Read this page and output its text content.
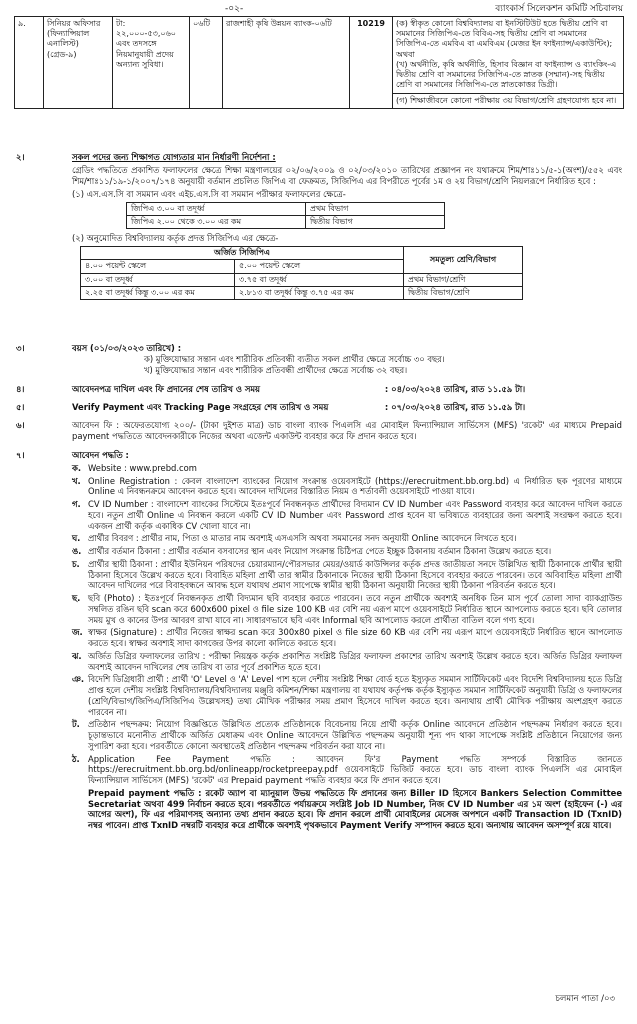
-০২-	ব্যাংকার্স সিলেকশন কমিটি সচিবালয়
৯.	সিনিয়র অফিসার (ফিন্যান্সিয়াল এনালিস্ট) (গ্রেড-৯)	টা: ২২,০০০-৫৩,০৬০ এবং তদসঙ্গে নিয়মানুযায়ী প্রদেয় অন্যান্য সুবিধা।	০৬টি	রাজশাহী কৃষি উন্নয়ন ব্যাংক-০৬টি	10219	(ক) স্বীকৃত কোনো বিশ্ববিদ্যালয় বা ইনস্টিটিউট হতে দ্বিতীয় শ্রেণি বা সমমানের সিজিপিএ-তে বিবিএ-সহ দ্বিতীয় শ্রেণি বা সমমানের সিজিপিএ-তে এমবিএ বা এমবিএম (মেজর ইন ফাইন্যান্স/একাউন্টিং); অথবা
(খ) অর্থনীতি, কৃষি অর্থনীতি, হিসাব বিজ্ঞান বা ফাইন্যান্স ও ব্যাংকিং-এ দ্বিতীয় শ্রেণি বা সমমানের সিজিপিএ-তে স্নাতক (সম্মান)-সহ দ্বিতীয় শ্রেণি বা সমমানের সিজিপিএ-তে স্নাতকোত্তর ডিগ্রী।
(গ) শিক্ষাজীবনে কোনো পরীক্ষায় ৩য় বিভাগ/শ্রেণি গ্রহণযোগ্য হবে না।
২।	সকল পদের জন্য শিক্ষাগত যোগ্যতার মান নির্ধারণী নির্দেশনা :
গ্রেডিং পদ্ধতিতে প্রকাশিত ফলাফলের ক্ষেত্রে শিক্ষা মন্ত্রণালয়ের ০২/০৬/২০০৯ ও ০২/০৩/২০১০ তারিখের প্রজ্ঞাপন নং যথাক্রমে শিম/শাঃ১১/৫-১(অংশ)/৫৫২ এবং শিম/শাঃ১১/১৯-১/২০০৭/১৭৪ অনুযায়ী বর্তমান প্রচলিত জিপিএ বা ফেক্রমত, সিজিপিএ এর বিপরীতে পূর্বের ১ম ও ২য় বিভাগ/শ্রেণি নিয়লরূপে নির্ধারিত হবে :
(১) এস.এস.সি বা সমমান এবং এইচ.এস.সি বা সমমান পরীক্ষার ফলাফলের ক্ষেত্রে-
জিপিএ ৩.০০ বা তদূর্ধ্ব	প্রথম বিভাগ
জিপিএ ২.০০ থেকে ৩.০০ এর কম	দ্বিতীয় বিভাগ
(২) অনুমোদিত বিশ্ববিদ্যালয় কর্তৃক প্রদত্ত সিজিপিএ এর ক্ষেত্রে-
অর্জিত সিজিপিএ		সমতুল্য শ্রেণি/বিভাগ
৪.০০ পয়েন্ট স্কেলে	৫.০০ পয়েন্ট স্কেলে	
৩.০০ বা তদূর্ধ্ব	৩.৭৫ বা তদূর্ধ্ব	প্রথম বিভাগ/শ্রেণি
২.২৫ বা তদূর্ধ্ব কিন্তু ৩.০০ এর কম	২.৮১৩ বা তদূর্ধ্ব কিন্তু ৩.৭৫ এর কম	দ্বিতীয় বিভাগ/শ্রেণি
৩।	বয়স (০১/০৩/২০২৩ তারিখে) :
ক) মুক্তিযোদ্ধার সন্তান এবং শারীরিক প্রতিবন্ধী ব্যতীত সকল প্রার্থীর ক্ষেত্রে সর্বোচ্চ ৩০ বছর।
খ) মুক্তিযোদ্ধার সন্তান এবং শারীরিক প্রতিবন্ধী প্রার্থীদের ক্ষেত্রে সর্বোচ্চ ৩২ বছর।
৪।	আবেদনপত্র দাখিল এবং ফি প্রদানের শেষ তারিখ ও সময়	: ০৪/০৩/২০২৪ তারিখ, রাত ১১.৫৯ টা।
৫।	Verify Payment এবং Tracking Page সংগ্রহের শেষ তারিখ ও সময়	: ০৭/০৩/২০২৪ তারিখ, রাত ১১.৫৯ টা।
৬।	আবেদন ফি : অফেরতযোগ্য ২০০/- (টাকা দুইশত মাত্র) ডাচ বাংলা ব্যাংক পিএলসি এর মোবাইল ফিন্যান্সিয়াল সার্ভিসেস (MFS) 'রকেট' এর মাধ্যমে Prepaid payment পদ্ধতিতে আবেদনকারীকে নিজের অথবা এজেন্ট একাউন্ট ব্যবহার করে ফি প্রদান করতে হবে।
৭।	আবেদন পদ্ধতি :
ক. Website : www.prebd.com
খ. Online Registration : কেবল বাংলাদেশ ব্যাংকের নিয়োগ সংক্রান্ত ওয়েবসাইটে (https://erecruitment.bb.org.bd) এ নির্ধারিত ছক পূরণের মাধ্যমে Online এ নিবন্ধনক্রমে আবেদন করতে হবে। আবেদন দাখিলের বিস্তারিত নিয়ম ও শর্তাবলী ওয়েবসাইটে পাওয়া যাবে।
গ. CV ID Number : বাংলাদেশ ব্যাংকের সিস্টেমে ইতঃপূর্বে নিবন্ধনকৃত প্রার্থীদের বিদ্যমান CV ID Number এবং Password ব্যবহার করে আবেদন দাখিল করতে হবে। নতুন প্রার্থী Online এ নিবন্ধন করলে একটি CV ID Number এবং Password প্রাপ্ত হবেন যা ভবিষ্যতে ব্যবহারের জন্য অবশ্যই সংরক্ষণ করতে হবে। একজন প্রার্থী কর্তৃক একাধিক CV খোলা যাবে না।
ঘ. প্রার্থীর বিবরণ : প্রার্থীর নাম, পিতা ও মাতার নাম অবশ্যই এসএসসি অথবা সমমানের সনদ অনুযায়ী Online আবেদনে লিখতে হবে।
ঙ. প্রার্থীর বর্তমান ঠিকানা : প্রার্থীর বর্তমান বসবাসের স্থান এবং নিয়োগ সংক্রান্ত চিঠিপত্র পেতে ইচ্ছুক ঠিকানায় বর্তমান ঠিকানা উল্লেখ করতে হবে।
চ. প্রার্থীর স্থায়ী ঠিকানা : প্রার্থীর ইউনিয়ন পরিষদের চেয়ারম্যান/পৌরসভার মেয়র/ওয়ার্ড কাউন্সিলর কর্তৃক প্রদত্ত জাতীয়তা সনদে উল্লিখিত স্থায়ী ঠিকানাকে প্রার্থীর স্থায়ী ঠিকানা হিসেবে উল্লেখ করতে হবে। বিবাহিত মহিলা প্রার্থী তার স্বামীর ঠিকানাকে নিজের স্থায়ী ঠিকানা হিসেবে ব্যবহার করতে পারবেন। তবে অবিবাহিত মহিলা প্রার্থী আবেদন দাখিলের পরে বিবাহবন্ধনে আবদ্ধ হলে যথাযথ প্রমাণ সাপেক্ষে স্বামীর স্থায়ী ঠিকানা অনুযায়ী নিজের স্থায়ী ঠিকানা পরিবর্তন করতে হবে।
ছ. ছবি (Photo) : ইতঃপূর্বে নিবন্ধনকৃত প্রার্থী বিদ্যমান ছবি ব্যবহার করতে পারবেন। তবে নতুন প্রার্থীকে অবশ্যই অনধিক তিন মাস পূর্বে তোলা সাদা ব্যাকগ্রাউন্ড সম্বলিত রঙিন ছবি scan করে 600x600 pixel ও file size 100 KB এর বেশি নয় এরূপ মাপে ওয়েবসাইটে নির্ধারিত স্থানে আপলোড করতে হবে। ছবি তোলার সময় মুখ ও কানের উপর আবরণ রাখা যাবে না। সাধারণভাবে ছবি এবং Informal ছবি আপলোড করলে প্রার্থীতা বাতিল বলে গণ্য হবে।
জ. স্বাক্ষর (Signature) : প্রার্থীর নিজের স্বাক্ষর scan করে 300x80 pixel ও file size 60 KB এর বেশি নয় এরূপ মাপে ওয়েবসাইটে নির্ধারিত স্থানে আপলোড করতে হবে। স্বাক্ষর অবশ্যই সাদা কাগজের উপর কালো কালিতে করতে হবে।
ঝ. অর্জিত ডিগ্রির ফলাফলের তারিখ : পরীক্ষা নিয়ন্ত্রক কর্তৃক প্রকাশিত সংশ্লিষ্ট ডিগ্রির ফলাফল প্রকাশের তারিখ অবশ্যই উল্লেখ করতে হবে। অর্জিত ডিগ্রির ফলাফল অবশ্যই আবেদন দাখিলের শেষ তারিখ বা তার পূর্বে প্রকাশিত হতে হবে।
ঞ. বিদেশি ডিগ্রিধারী প্রার্থী : প্রার্থী 'O' Level ও 'A' Level পাশ হলে দেশীয় সংশ্লিষ্ট শিক্ষা বোর্ড হতে ইস্যুকৃত সমমান সার্টিফিকেট এবং বিদেশি বিশ্ববিদ্যালয় হতে ডিগ্রি প্রাপ্ত হলে দেশীয় সংশ্লিষ্ট বিশ্ববিদ্যালয়/বিশ্ববিদ্যালয় মঞ্জুরি কমিশন/শিক্ষা মন্ত্রণালয় বা যথাযথ কর্তৃপক্ষ কর্তৃক ইস্যুকৃত সমমান সার্টিফিকেট অনুযায়ী ডিগ্রি ও ফলাফলের (শ্রেণি/বিভাগ/জিপিএ/সিজিপিএ উল্লেখসহ) তথ্য মৌখিক পরীক্ষার সময় প্রমাণ হিসেবে দাখিল করতে হবে। অন্যথায় প্রার্থী মৌখিক পরীক্ষায় অংশগ্রহণ করতে পারবেন না।
ট. প্রতিষ্ঠান পছন্দক্রম: নিয়োগ বিজ্ঞপ্তিতে উল্লিখিত প্রত্যেক প্রতিষ্ঠানকে বিবেচনায় নিয়ে প্রার্থী কর্তৃক Online আবেদনে প্রতিষ্ঠান পছন্দক্রম নির্ধারণ করতে হবে। চূড়ান্তভাবে মনোনীত প্রার্থীকে অর্জিত মেধাক্রম এবং Online আবেদনে উল্লিখিত পছন্দক্রম অনুযায়ী শূন্য পদ থাকা সাপেক্ষে সংশ্লিষ্ট প্রতিষ্ঠানে নিয়োগের জন্য সুপারিশ করা হবে। পরবর্তীতে কোনো অবস্থাতেই প্রতিষ্ঠান পছন্দক্রম পরিবর্তন করা যাবে না।
ঠ. Application Fee Payment পদ্ধতি : আবেদন ফি'র Payment পদ্ধতি সম্পর্কে বিস্তারিত জানতে https://erecruitment.bb.org.bd/onlineapp/rocketpreepay.pdf ওয়েবসাইটে ভিজিট করতে হবে। ডাচ বাংলা ব্যাংক পিএলসি এর মোবাইল ফিন্যান্সিয়াল সার্ভিসেস (MFS) 'রকেট' এর Prepaid payment পদ্ধতি ব্যবহার করে ফি প্রদান করতে হবে।
Prepaid payment পদ্ধতি : রকেট অ্যাপ বা ম্যানুয়াল উভয় পদ্ধতিতে ফি প্রদানের জন্য Biller ID হিসেবে Bankers Selection Committee Secretariat অথবা 499 নির্বাচন করতে হবে। পরবর্তীতে পর্যায়ক্রমে সংশ্লিষ্ট Job ID Number, নিজ CV ID Number এর ১ম অংশ (হাইফেন (-) এর আগের অংশ), ফি এর পরিমাণসহ অন্যান্য তথ্য প্রদান করতে হবে। ফি প্রদান করলে প্রার্থী মোবাইলের মেসেজ অপশনে একটি Transaction ID (TxnID) নম্বর পাবেন। প্রাপ্ত TxnID নম্বরটি ব্যবহার করে প্রার্থীকে অবশ্যই পৃথকভাবে Payment Verify সম্পাদন করতে হবে। অন্যথায় আবেদন অসম্পূর্ণ রয়ে যাবে।
চলমান পাতা /০৩
